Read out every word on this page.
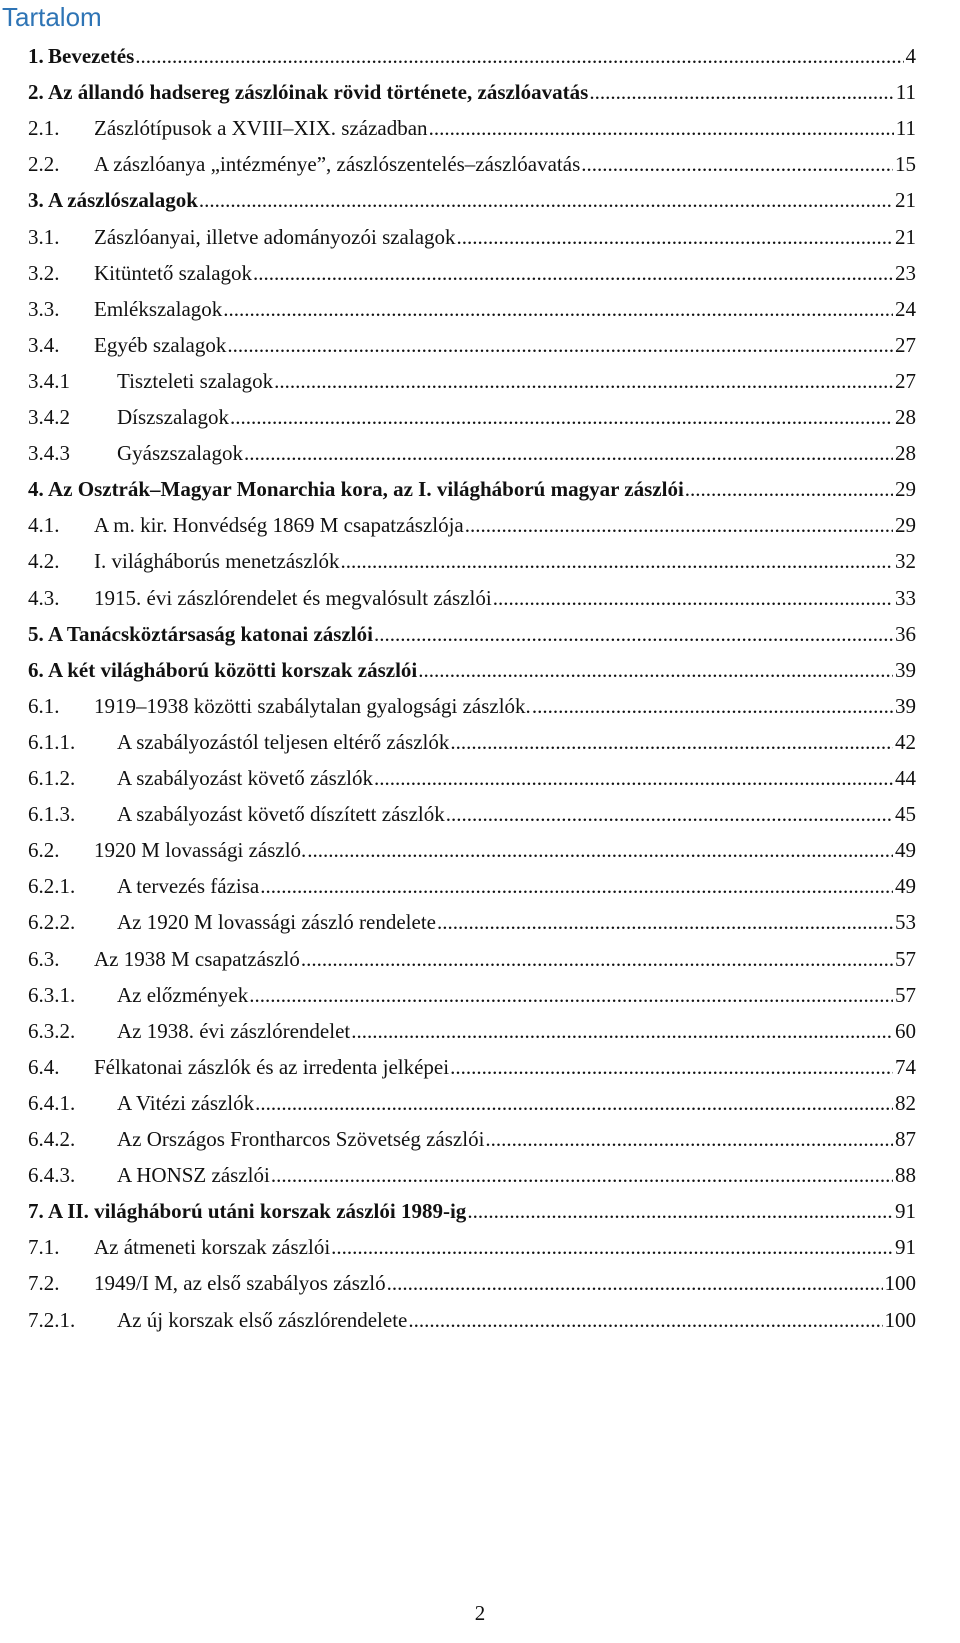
Tartalom
1. Bevezetés .....	4
2. Az állandó hadsereg zászlóinak rövid története, zászlóavatás .....	11
2.1. Zászlótípusok a XVIII–XIX. században .....	11
2.2. A zászlóanya „intézménye”, zászlószentelés–zászlóavatás .....	15
3. A zászlószalagok .....	21
3.1. Zászlóanyai, illetve adományozói szalagok .....	21
3.2. Kitüntető szalagok .....	23
3.3. Emlékszalagok .....	24
3.4. Egyéb szalagok .....	27
3.4.1 Tiszteleti szalagok .....	27
3.4.2 Díszszalagok .....	28
3.4.3 Gyászszalagok .....	28
4. Az Osztrák–Magyar Monarchia kora, az I. világháború magyar zászlói .....	29
4.1. A m. kir. Honvédség 1869 M csapatzászlója .....	29
4.2. I. világháborús menetzászlók .....	32
4.3. 1915. évi zászlórendelet és megvalósult zászlói .....	33
5. A Tanácsköztársaság katonai zászlói .....	36
6. A két világháború közötti korszak zászlói .....	39
6.1. 1919–1938 közötti szabálytalan gyalogsági zászlók. .....	39
6.1.1. A szabályozástól teljesen eltérő zászlók .....	42
6.1.2. A szabályozást követő zászlók .....	44
6.1.3. A szabályozást követő díszített zászlók .....	45
6.2. 1920 M lovassági zászló. .....	49
6.2.1. A tervezés fázisa .....	49
6.2.2. Az 1920 M lovassági zászló rendelete .....	53
6.3. Az 1938 M csapatzászló .....	57
6.3.1. Az előzmények .....	57
6.3.2. Az 1938. évi zászlórendelet .....	60
6.4. Félkatonai zászlók és az irredenta jelképei .....	74
6.4.1. A Vitézi zászlók .....	82
6.4.2. Az Országos Frontharcos Szövetség zászlói .....	87
6.4.3. A HONSZ zászlói .....	88
7. A II. világháború utáni korszak zászlói 1989-ig .....	91
7.1. Az átmeneti korszak zászlói .....	91
7.2. 1949/I M, az első szabályos zászló .....	100
7.2.1. Az új korszak első zászlórendelete .....	100
2
